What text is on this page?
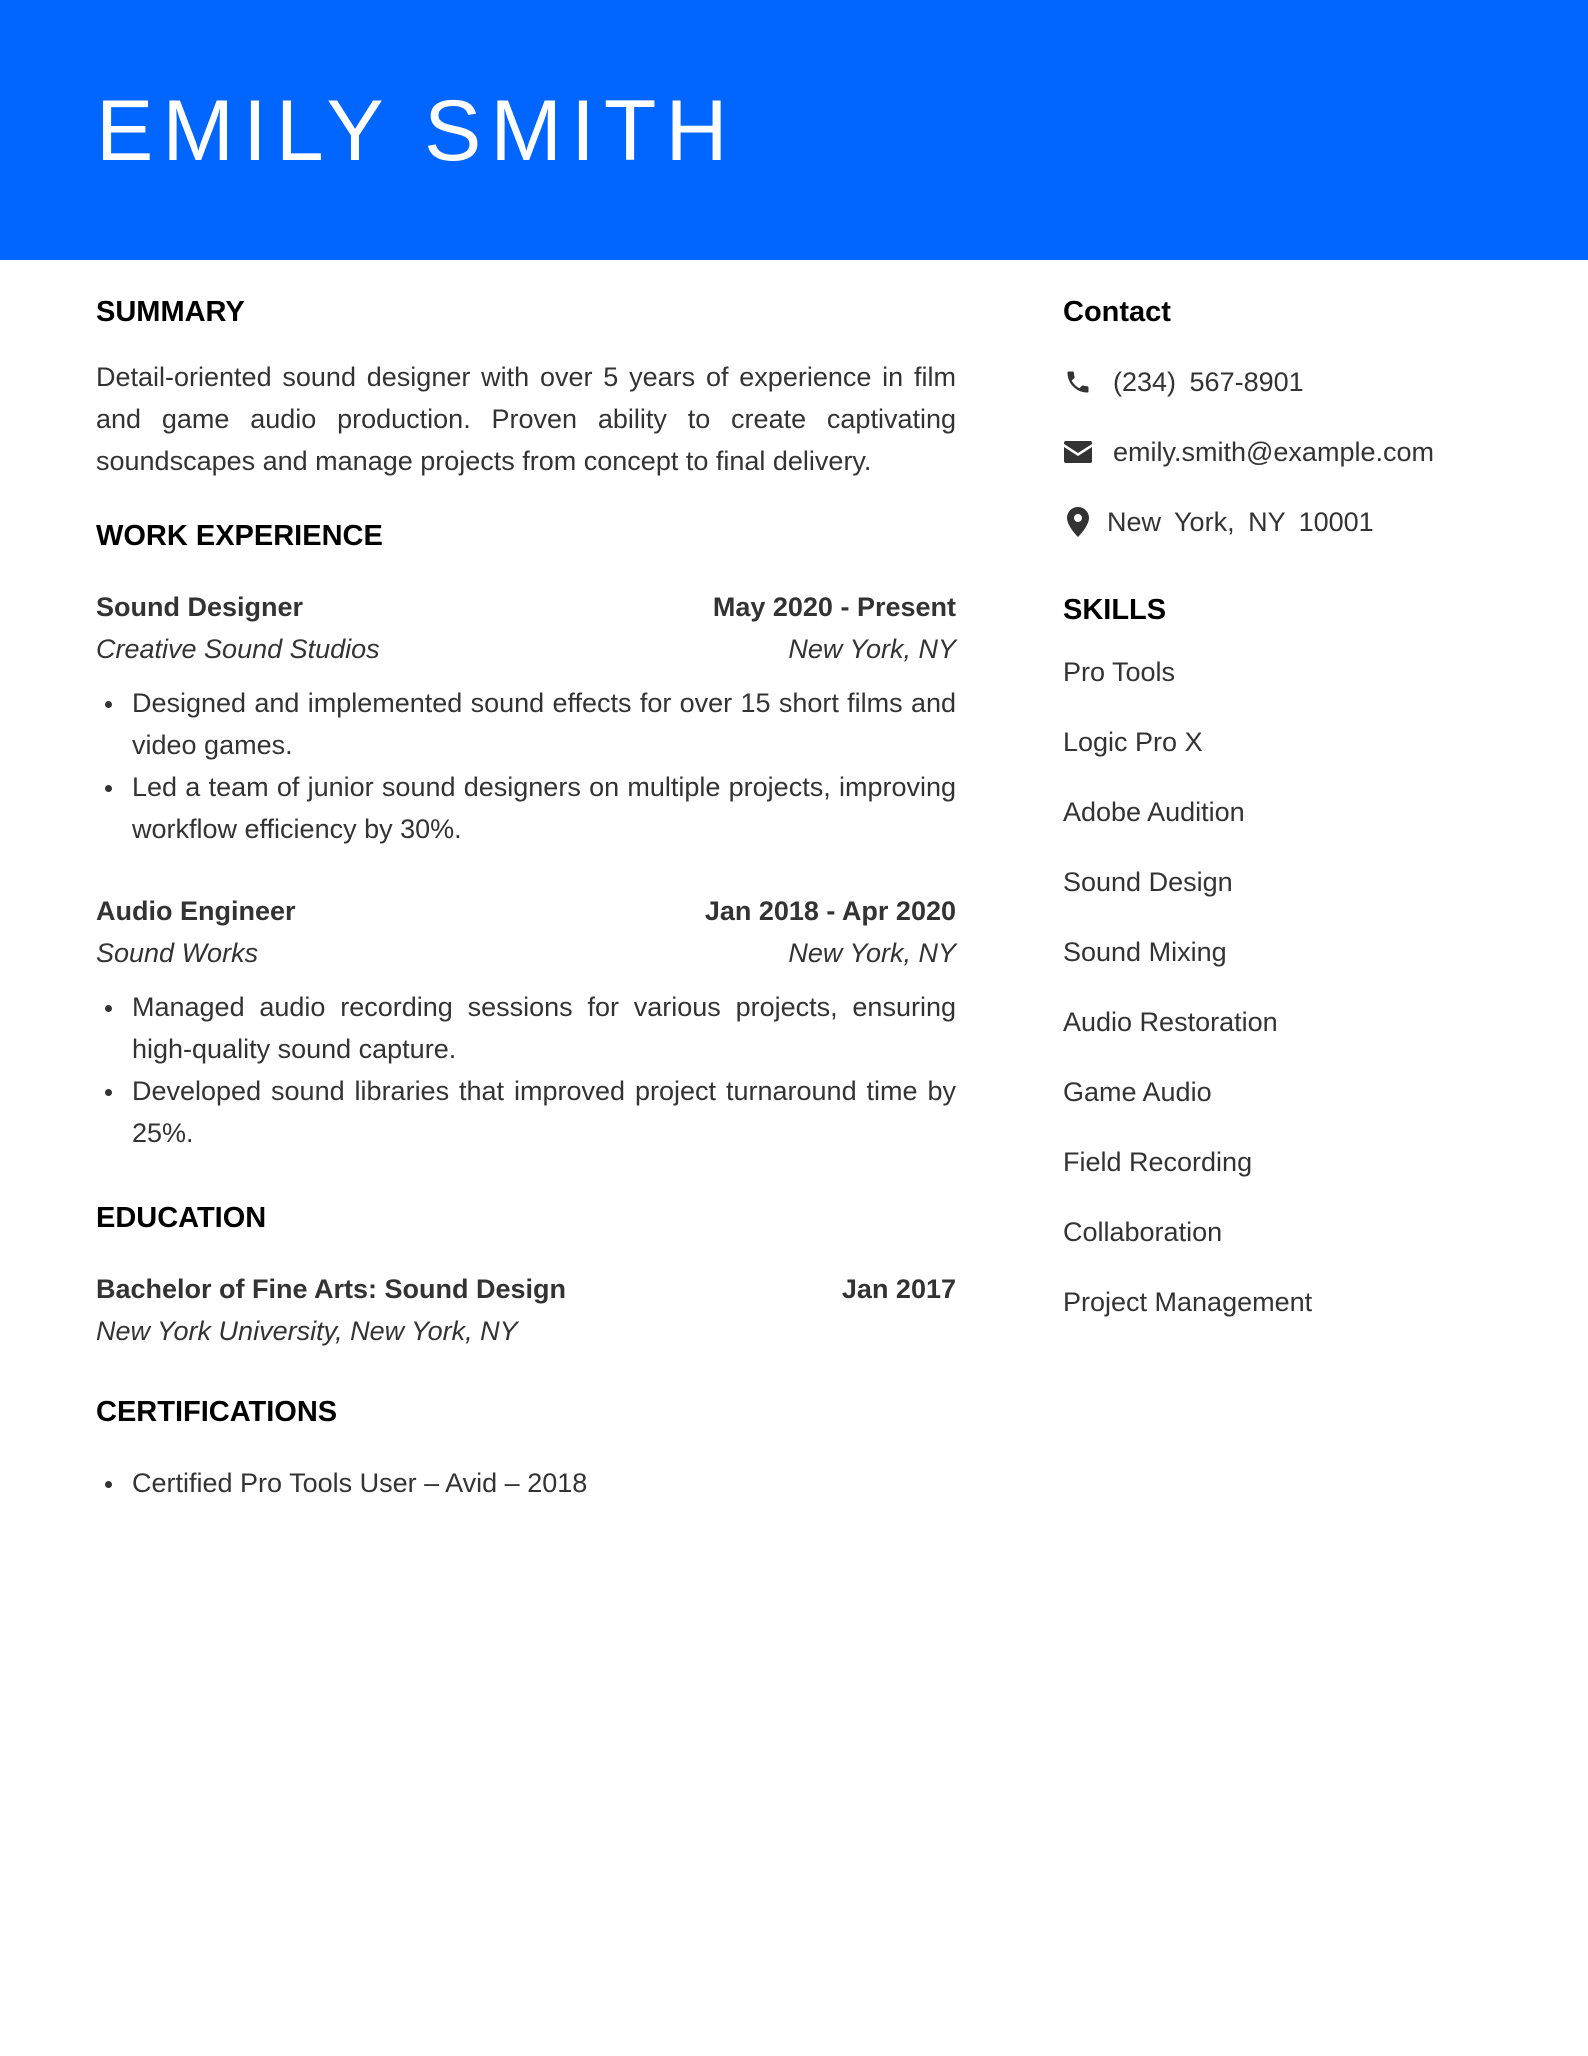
EMILY SMITH
SUMMARY

Detail-oriented sound designer with over 5 years of experience in film and game audio production. Proven ability to create captivating soundscapes and manage projects from concept to final delivery.

WORK EXPERIENCE
Sound Designer	May 2020 - Present
Creative Sound Studios	New York, NY
Designed and implemented sound effects for over 15 short films and video games.
Led a team of junior sound designers on multiple projects, improving workflow efficiency by 30%.
Audio Engineer	Jan 2018 - Apr 2020
Sound Works	New York, NY
Managed audio recording sessions for various projects, ensuring high-quality sound capture.
Developed sound libraries that improved project turnaround time by 25%.
EDUCATION
Bachelor of Fine Arts: Sound Design	Jan 2017
New York University, New York, NY
CERTIFICATIONS
Certified Pro Tools User – Avid – 2018
Contact
(234) 567-8901
emily.smith@example.com
New York, NY 10001
SKILLS
Pro Tools
Logic Pro X
Adobe Audition
Sound Design
Sound Mixing
Audio Restoration
Game Audio
Field Recording
Collaboration
Project Management
